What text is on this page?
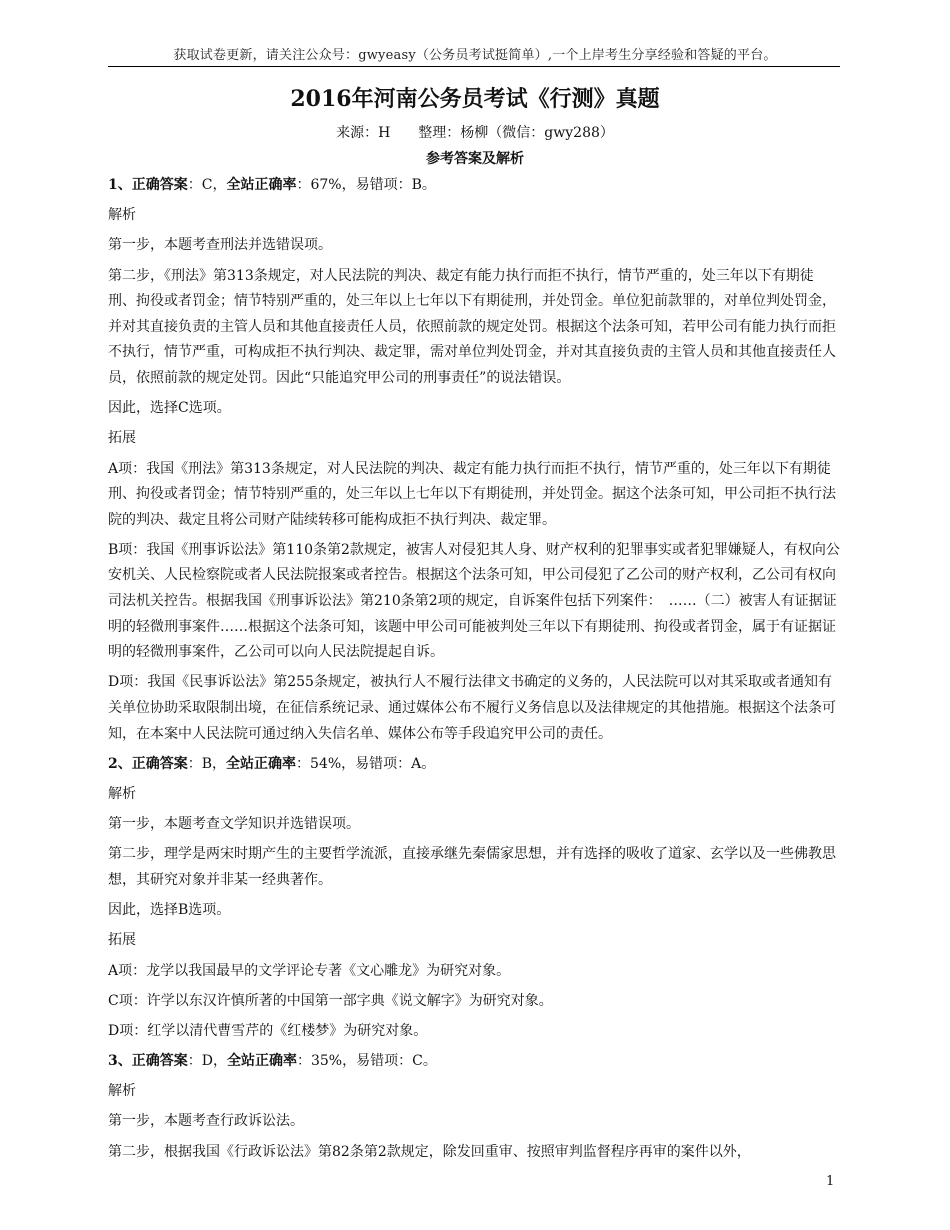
获取试卷更新，请关注公众号：gwyeasy（公务员考试挺简单）,一个上岸考生分享经验和答疑的平台。
2016年河南公务员考试《行测》真题
来源：H　　整理：杨柳（微信：gwy288）
参考答案及解析
1、正确答案：C，全站正确率：67%，易错项：B。
解析
第一步，本题考查刑法并选错误项。
第二步，《刑法》第313条规定，对人民法院的判决、裁定有能力执行而拒不执行，情节严重的，处三年以下有期徒刑、拘役或者罚金；情节特别严重的，处三年以上七年以下有期徒刑，并处罚金。单位犯前款罪的，对单位判处罚金，并对其直接负责的主管人员和其他直接责任人员，依照前款的规定处罚。根据这个法条可知，若甲公司有能力执行而拒不执行，情节严重，可构成拒不执行判决、裁定罪，需对单位判处罚金，并对其直接负责的主管人员和其他直接责任人员，依照前款的规定处罚。因此“只能追究甲公司的刑事责任”的说法错误。
因此，选择C选项。
拓展
A项：我国《刑法》第313条规定，对人民法院的判决、裁定有能力执行而拒不执行，情节严重的，处三年以下有期徒刑、拘役或者罚金；情节特别严重的，处三年以上七年以下有期徒刑，并处罚金。据这个法条可知，甲公司拒不执行法院的判决、裁定且将公司财产陆续转移可能构成拒不执行判决、裁定罪。
B项：我国《刑事诉讼法》第110条第2款规定，被害人对侵犯其人身、财产权利的犯罪事实或者犯罪嫌疑人，有权向公安机关、人民检察院或者人民法院报案或者控告。根据这个法条可知，甲公司侵犯了乙公司的财产权利，乙公司有权向司法机关控告。根据我国《刑事诉讼法》第210条第2项的规定，自诉案件包括下列案件：　……（二）被害人有证据证明的轻微刑事案件……根据这个法条可知，该题中甲公司可能被判处三年以下有期徒刑、拘役或者罚金，属于有证据证明的轻微刑事案件，乙公司可以向人民法院提起自诉。
D项：我国《民事诉讼法》第255条规定，被执行人不履行法律文书确定的义务的，人民法院可以对其采取或者通知有关单位协助采取限制出境，在征信系统记录、通过媒体公布不履行义务信息以及法律规定的其他措施。根据这个法条可知，在本案中人民法院可通过纳入失信名单、媒体公布等手段追究甲公司的责任。
2、正确答案：B，全站正确率：54%，易错项：A。
解析
第一步，本题考查文学知识并选错误项。
第二步，理学是两宋时期产生的主要哲学流派，直接承继先秦儒家思想，并有选择的吸收了道家、玄学以及一些佛教思想，其研究对象并非某一经典著作。
因此，选择B选项。
拓展
A项：龙学以我国最早的文学评论专著《文心雕龙》为研究对象。
C项：许学以东汉许慎所著的中国第一部字典《说文解字》为研究对象。
D项：红学以清代曹雪芹的《红楼梦》为研究对象。
3、正确答案：D，全站正确率：35%，易错项：C。
解析
第一步，本题考查行政诉讼法。
第二步，根据我国《行政诉讼法》第82条第2款规定，除发回重审、按照审判监督程序再审的案件以外，
1
